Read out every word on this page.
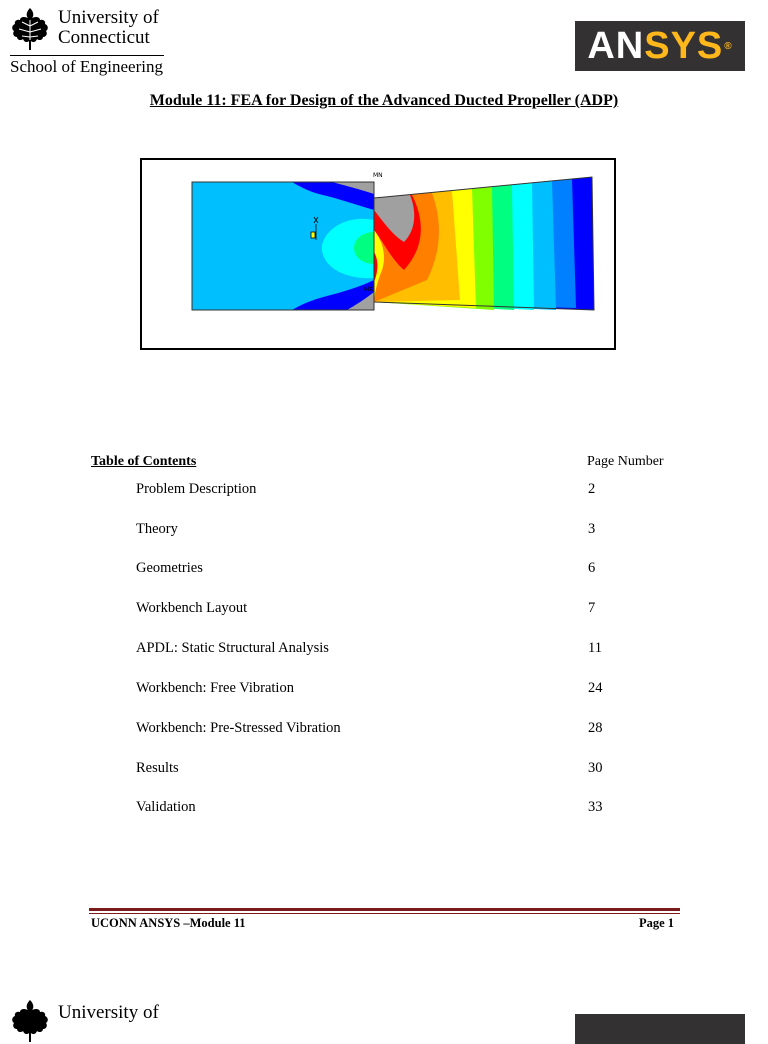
University of
Connecticut
School of Engineering	AN SYS ®
Module 11: FEA for Design of the Advanced Ducted Propeller (ADP)
MN
MX
Table of Contents	Page Number
Problem Description	2
Theory	3
Geometries	6
Workbench Layout	7
APDL: Static Structural Analysis	11
Workbench: Free Vibration	24
Workbench: Pre-Stressed Vibration	28
Results	30
Validation	33
UCONN ANSYS –Module 11	Page 1
University of
